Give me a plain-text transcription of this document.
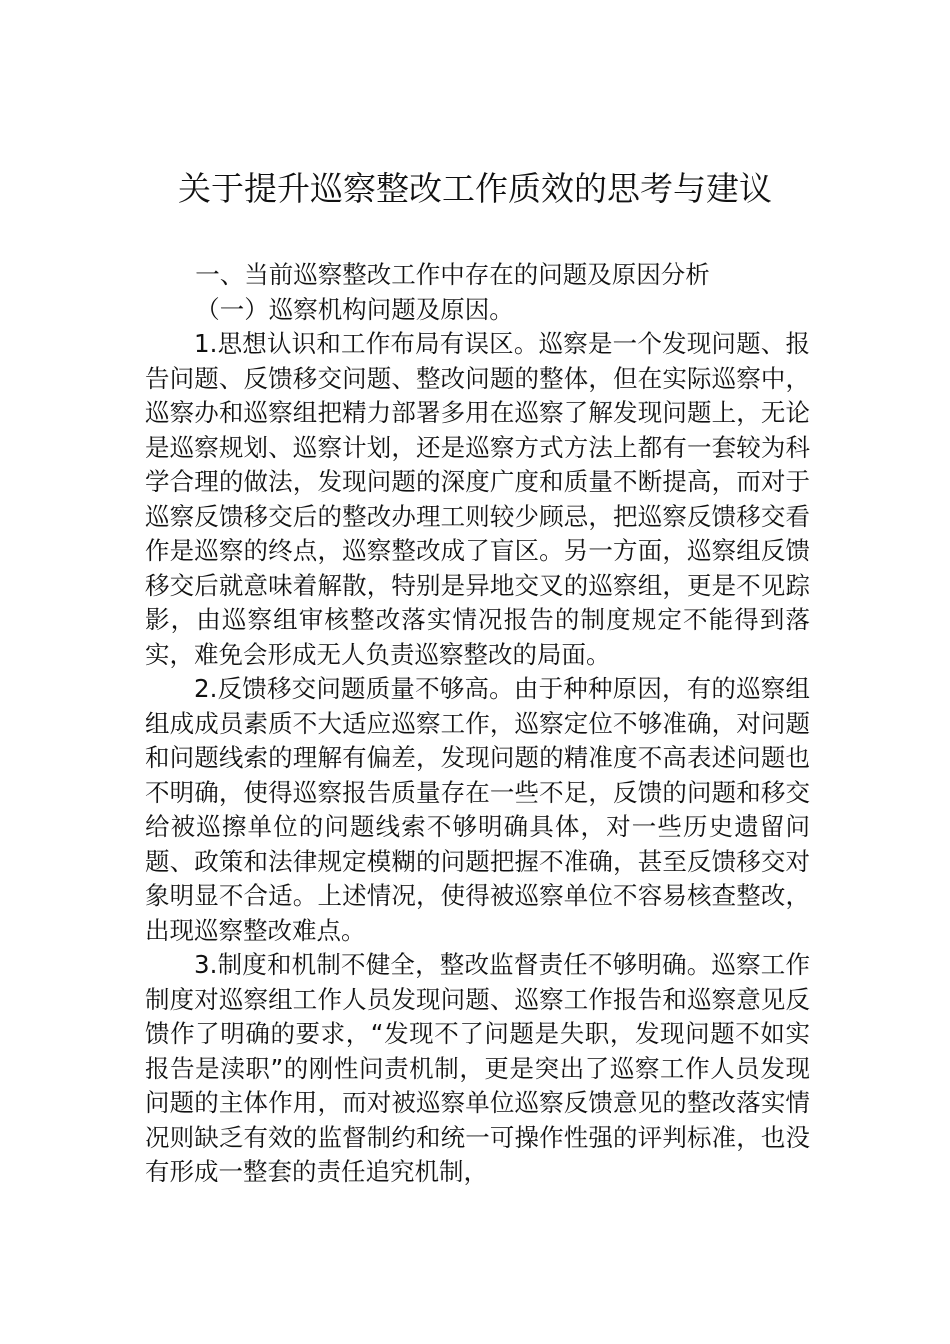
关于提升巡察整改工作质效的思考与建议

一、当前巡察整改工作中存在的问题及原因分析

（一）巡察机构问题及原因。

1.思想认识和工作布局有误区。巡察是一个发现问题、报告问题、反馈移交问题、整改问题的整体，但在实际巡察中，巡察办和巡察组把精力部署多用在巡察了解发现问题上，无论是巡察规划、巡察计划，还是巡察方式方法上都有一套较为科学合理的做法，发现问题的深度广度和质量不断提高，而对于巡察反馈移交后的整改办理工则较少顾忌，把巡察反馈移交看作是巡察的终点，巡察整改成了盲区。另一方面，巡察组反馈移交后就意味着解散，特别是异地交叉的巡察组，更是不见踪影，由巡察组审核整改落实情况报告的制度规定不能得到落实，难免会形成无人负责巡察整改的局面。

2.反馈移交问题质量不够高。由于种种原因，有的巡察组组成成员素质不大适应巡察工作，巡察定位不够准确，对问题和问题线索的理解有偏差，发现问题的精准度不高表述问题也不明确，使得巡察报告质量存在一些不足，反馈的问题和移交给被巡擦单位的问题线索不够明确具体，对一些历史遗留问题、政策和法律规定模糊的问题把握不准确，甚至反馈移交对象明显不合适。上述情况，使得被巡察单位不容易核查整改，出现巡察整改难点。

3.制度和机制不健全，整改监督责任不够明确。巡察工作制度对巡察组工作人员发现问题、巡察工作报告和巡察意见反馈作了明确的要求，“发现不了问题是失职，发现问题不如实报告是渎职”的刚性问责机制，更是突出了巡察工作人员发现问题的主体作用，而对被巡察单位巡察反馈意见的整改落实情况则缺乏有效的监督制约和统一可操作性强的评判标准，也没有形成一整套的责任追究机制，
